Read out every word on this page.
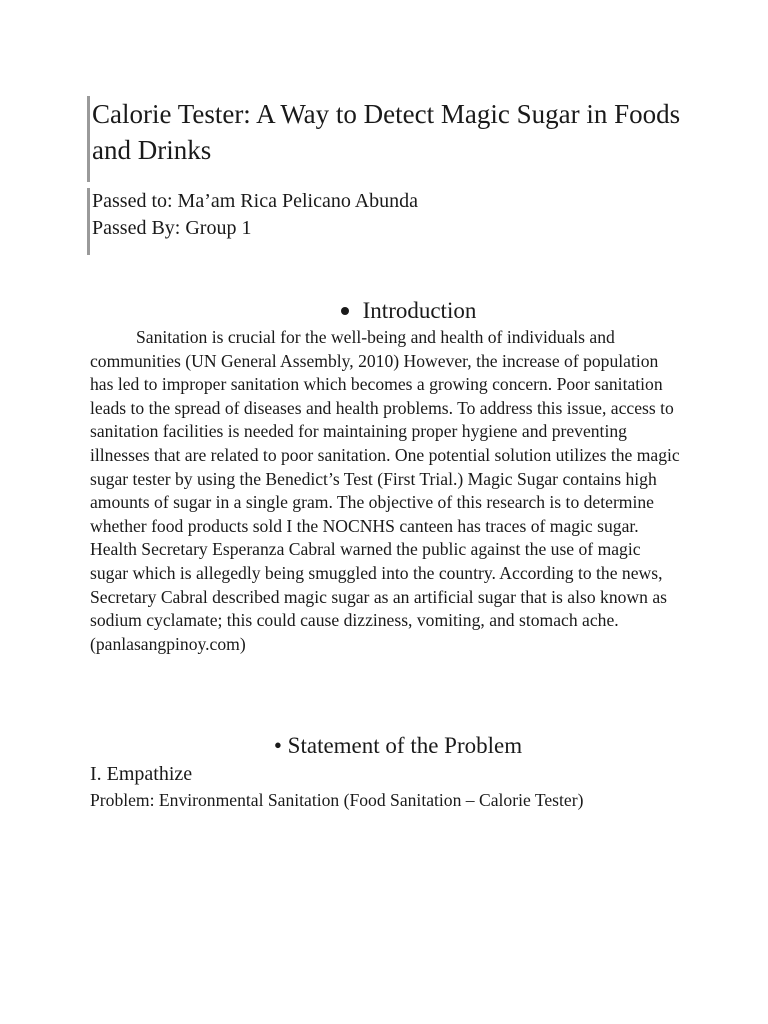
Calorie Tester: A Way to Detect Magic Sugar in Foods and Drinks

Passed to: Ma’am Rica Pelicano Abunda

Passed By: Group 1

Introduction

Sanitation is crucial for the well-being and health of individuals and communities (UN General Assembly, 2010) However, the increase of population has led to improper sanitation which becomes a growing concern. Poor sanitation leads to the spread of diseases and health problems. To address this issue, access to sanitation facilities is needed for maintaining proper hygiene and preventing illnesses that are related to poor sanitation. One potential solution utilizes the magic sugar tester by using the Benedict’s Test (First Trial.) Magic Sugar contains high amounts of sugar in a single gram. The objective of this research is to determine whether food products sold I the NOCNHS canteen has traces of magic sugar. Health Secretary Esperanza Cabral warned the public against the use of magic sugar which is allegedly being smuggled into the country. According to the news, Secretary Cabral described magic sugar as an artificial sugar that is also known as sodium cyclamate; this could cause dizziness, vomiting, and stomach ache. (panlasangpinoy.com)

• Statement of the Problem

I. Empathize

Problem: Environmental Sanitation (Food Sanitation – Calorie Tester)
